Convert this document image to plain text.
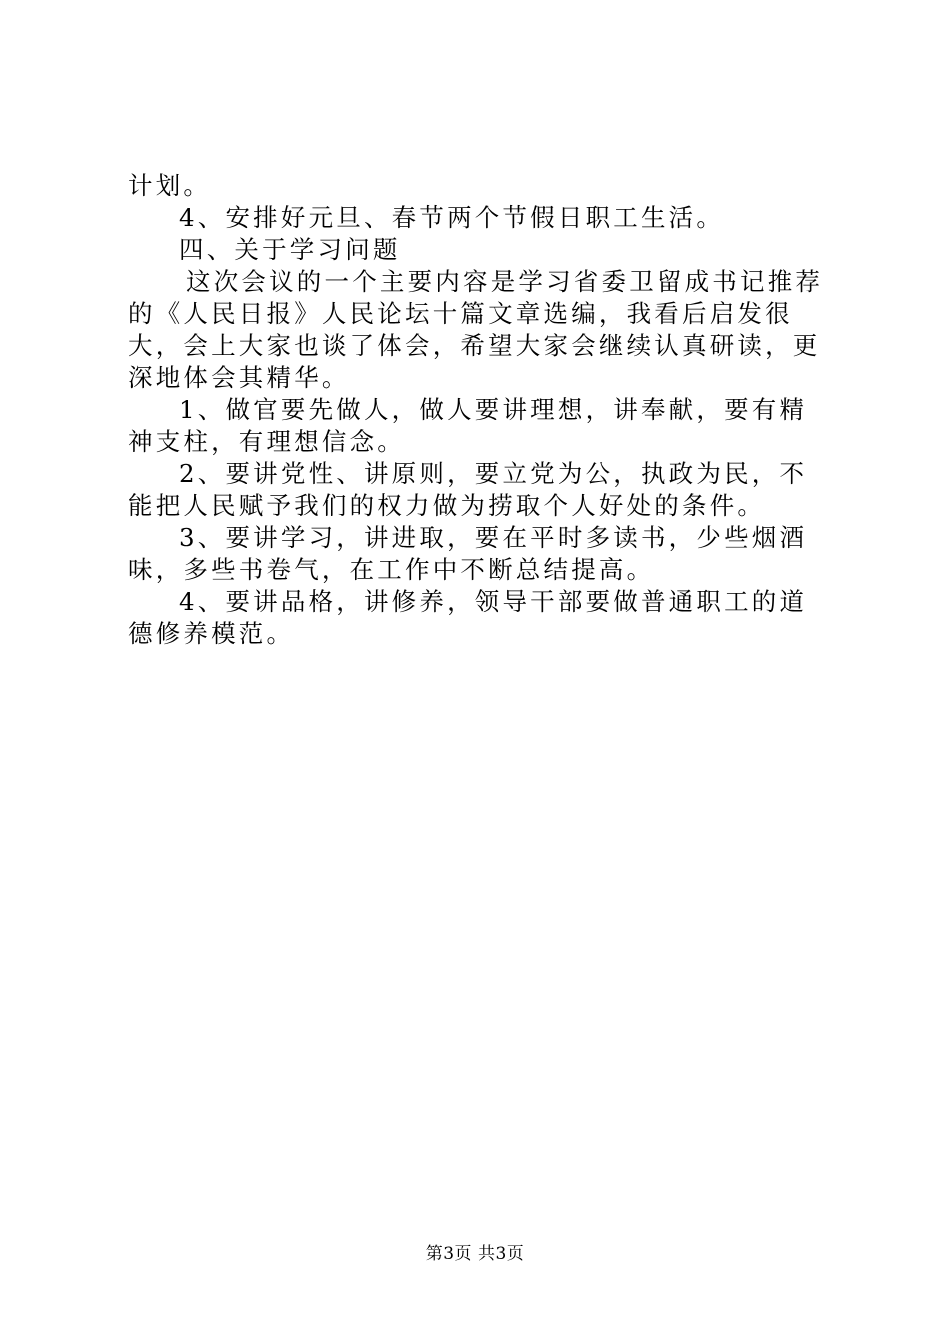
计划。

4、安排好元旦、春节两个节假日职工生活。

四、关于学习问题

这次会议的一个主要内容是学习省委卫留成书记推荐的《人民日报》人民论坛十篇文章选编，我看后启发很大，会上大家也谈了体会，希望大家会继续认真研读，更深地体会其精华。

1、做官要先做人，做人要讲理想，讲奉献，要有精神支柱，有理想信念。

2、要讲党性、讲原则，要立党为公，执政为民，不能把人民赋予我们的权力做为捞取个人好处的条件。

3、要讲学习，讲进取，要在平时多读书，少些烟酒味，多些书卷气，在工作中不断总结提高。

4、要讲品格，讲修养，领导干部要做普通职工的道德修养模范。

第3页 共3页
